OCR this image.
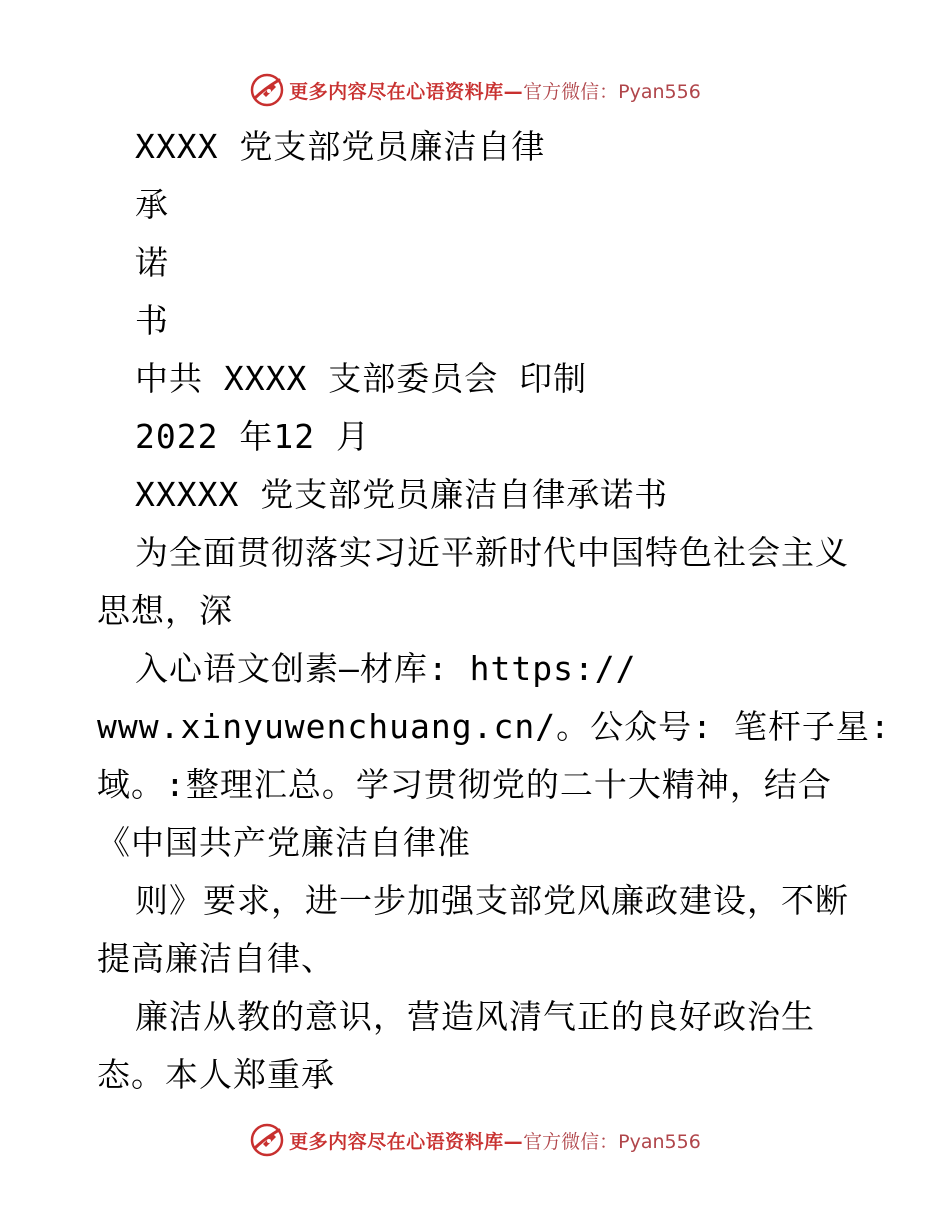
更多内容尽在心语资料库— 官方微信：Pyan556
XXXX 党支部党员廉洁自律
承
诺
书
中共 XXXX 支部委员会 印制
2022 年12 月
XXXXX 党支部党员廉洁自律承诺书
为全面贯彻落实习近平新时代中国特色社会主义
思想，深
入心语文创素—材库: https://
www.xinyuwenchuang.cn/。公众号: 笔杆子星:
域。:整理汇总。学习贯彻党的二十大精神，结合
《中国共产党廉洁自律准
则》要求，进一步加强支部党风廉政建设，不断
提高廉洁自律、
廉洁从教的意识，营造风清气正的良好政治生
态。本人郑重承
更多内容尽在心语资料库— 官方微信：Pyan556
